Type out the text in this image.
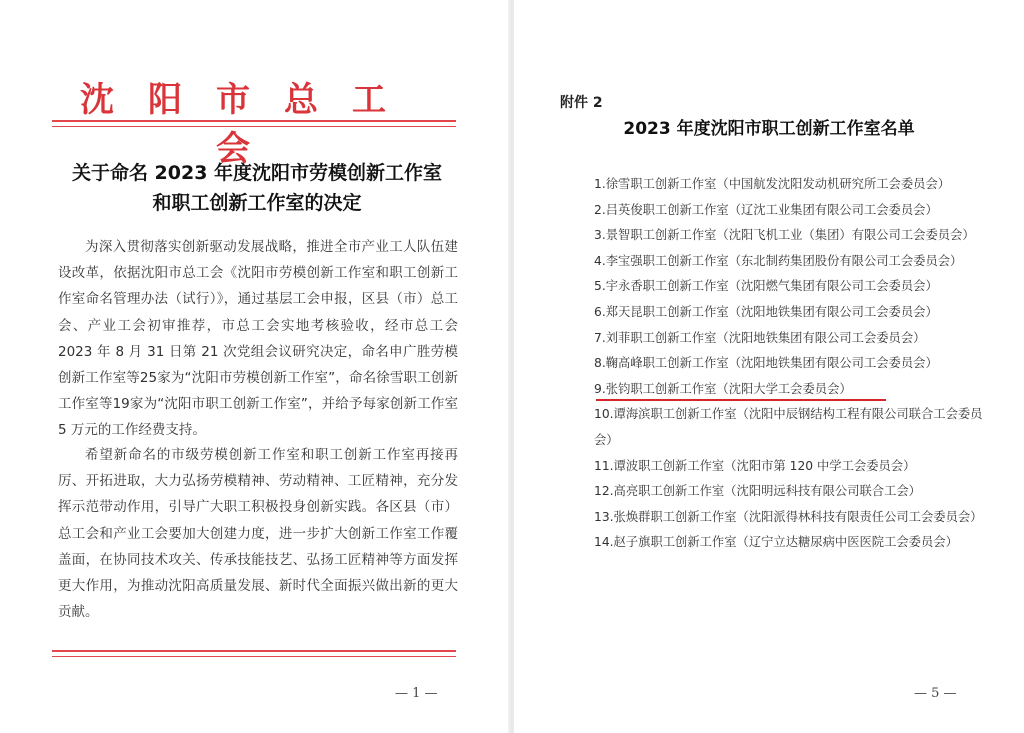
沈阳市总工会
关于命名 2023 年度沈阳市劳模创新工作室
和职工创新工作室的决定
为深入贯彻落实创新驱动发展战略，推进全市产业工人队伍建设改革，依据沈阳市总工会《沈阳市劳模创新工作室和职工创新工作室命名管理办法（试行）》，通过基层工会申报，区县（市）总工会、产业工会初审推荐，市总工会实地考核验收，经市总工会 2023 年 8 月 31 日第 21 次党组会议研究决定，命名申广胜劳模创新工作室等25家为“沈阳市劳模创新工作室”，命名徐雪职工创新工作室等19家为“沈阳市职工创新工作室”，并给予每家创新工作室 5 万元的工作经费支持。
希望新命名的市级劳模创新工作室和职工创新工作室再接再厉、开拓进取，大力弘扬劳模精神、劳动精神、工匠精神，充分发挥示范带动作用，引导广大职工积极投身创新实践。各区县（市）总工会和产业工会要加大创建力度，进一步扩大创新工作室工作覆盖面，在协同技术攻关、传承技能技艺、弘扬工匠精神等方面发挥更大作用，为推动沈阳高质量发展、新时代全面振兴做出新的更大贡献。
— 1 —
附件 2
2023 年度沈阳市职工创新工作室名单
1.徐雪职工创新工作室（中国航发沈阳发动机研究所工会委员会）
2.吕英俊职工创新工作室（辽沈工业集团有限公司工会委员会）
3.景智职工创新工作室（沈阳飞机工业（集团）有限公司工会委员会）
4.李宝强职工创新工作室（东北制药集团股份有限公司工会委员会）
5.宇永香职工创新工作室（沈阳燃气集团有限公司工会委员会）
6.郑天昆职工创新工作室（沈阳地铁集团有限公司工会委员会）
7.刘菲职工创新工作室（沈阳地铁集团有限公司工会委员会）
8.鞠高峰职工创新工作室（沈阳地铁集团有限公司工会委员会）
9.张钧职工创新工作室（沈阳大学工会委员会）
10.谭海滨职工创新工作室（沈阳中辰钢结构工程有限公司联合工会委员会）
11.谭波职工创新工作室（沈阳市第 120 中学工会委员会）
12.高亮职工创新工作室（沈阳明远科技有限公司联合工会）
13.张焕群职工创新工作室（沈阳派得林科技有限责任公司工会委员会）
14.赵子旗职工创新工作室（辽宁立达糖尿病中医医院工会委员会）
— 5 —
